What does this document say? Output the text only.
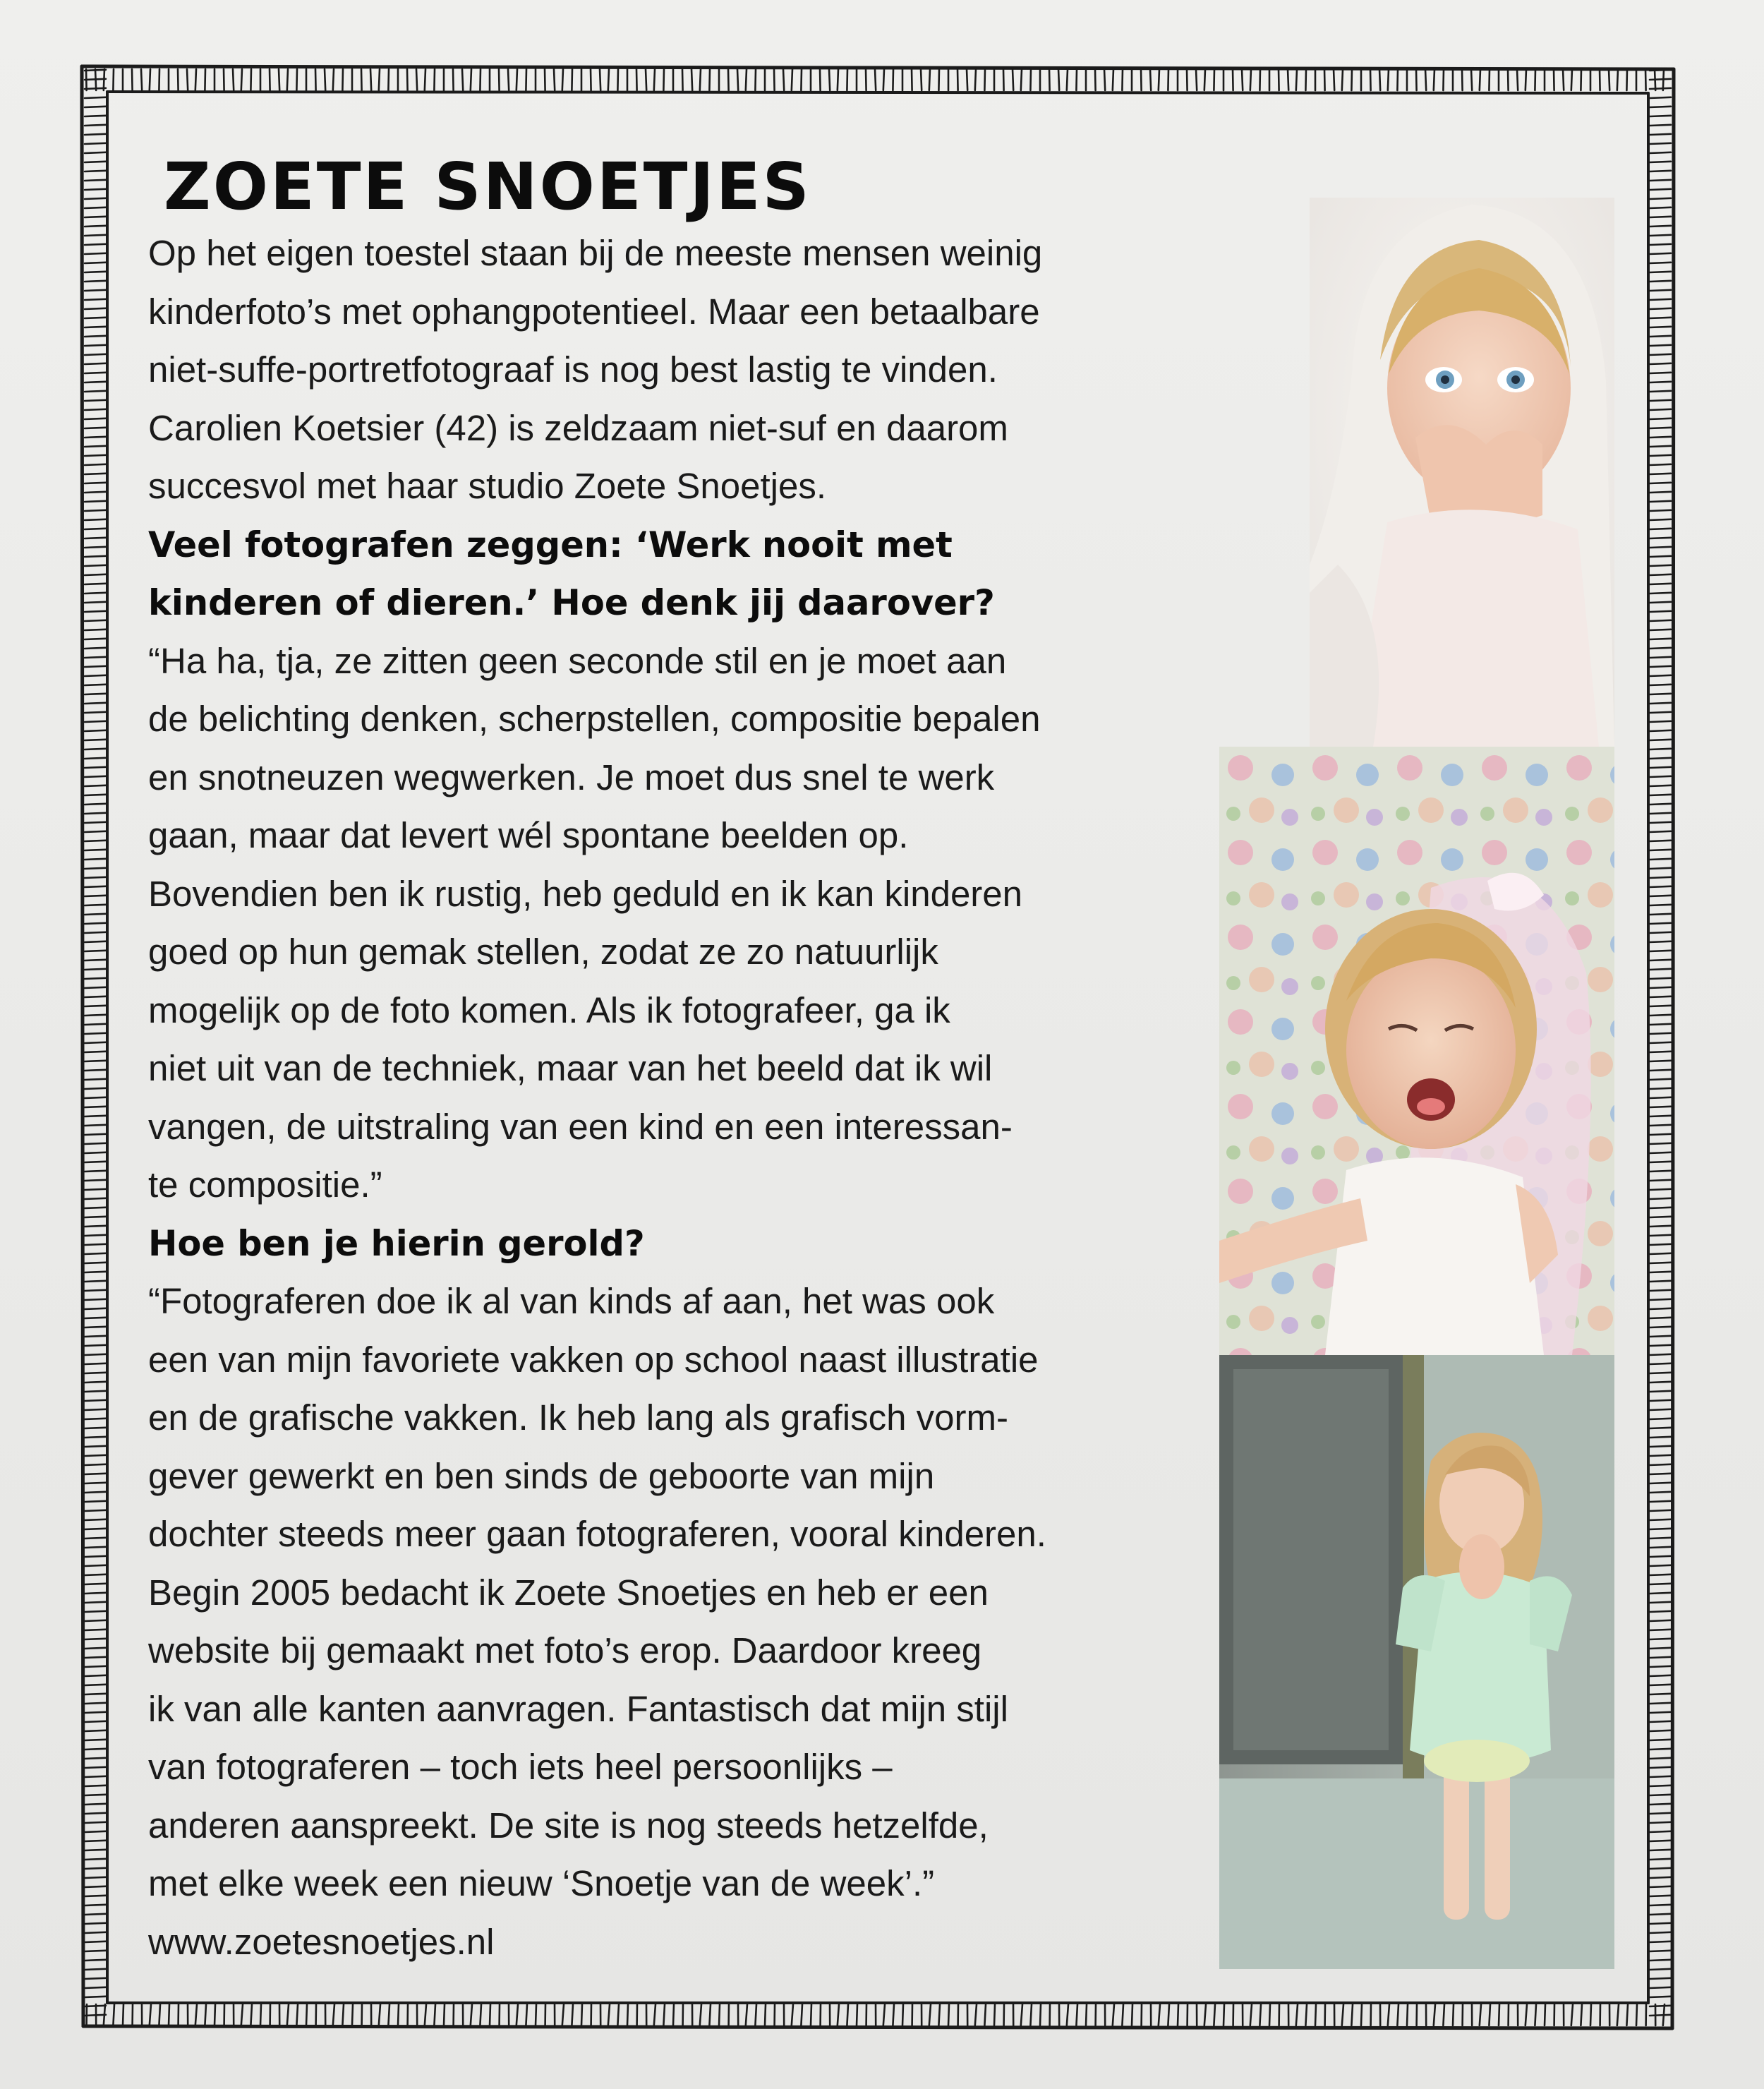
ZOETE SNOETJES
Op het eigen toestel staan bij de meeste mensen weinig
kinderfoto’s met ophangpotentieel. Maar een betaalbare
niet-suffe-portretfotograaf is nog best lastig te vinden.
Carolien Koetsier (42) is zeldzaam niet-suf en daarom
succesvol met haar studio Zoete Snoetjes.
Veel fotografen zeggen: ‘Werk nooit met
kinderen of dieren.’ Hoe denk jij daarover?
“Ha ha, tja, ze zitten geen seconde stil en je moet aan
de belichting denken, scherpstellen, compositie bepalen
en snotneuzen wegwerken. Je moet dus snel te werk
gaan, maar dat levert wél spontane beelden op.
Bovendien ben ik rustig, heb geduld en ik kan kinderen
goed op hun gemak stellen, zodat ze zo natuurlijk
mogelijk op de foto komen. Als ik fotografeer, ga ik
niet uit van de techniek, maar van het beeld dat ik wil
vangen, de uitstraling van een kind en een interessan-
te compositie.”
Hoe ben je hierin gerold?
“Fotograferen doe ik al van kinds af aan, het was ook
een van mijn favoriete vakken op school naast illustratie
en de grafische vakken. Ik heb lang als grafisch vorm-
gever gewerkt en ben sinds de geboorte van mijn
dochter steeds meer gaan fotograferen, vooral kinderen.
Begin 2005 bedacht ik Zoete Snoetjes en heb er een
website bij gemaakt met foto’s erop. Daardoor kreeg
ik van alle kanten aanvragen. Fantastisch dat mijn stijl
van fotograferen – toch iets heel persoonlijks –
anderen aanspreekt. De site is nog steeds hetzelfde,
met elke week een nieuw ‘Snoetje van de week’.”
www.zoetesnoetjes.nl
